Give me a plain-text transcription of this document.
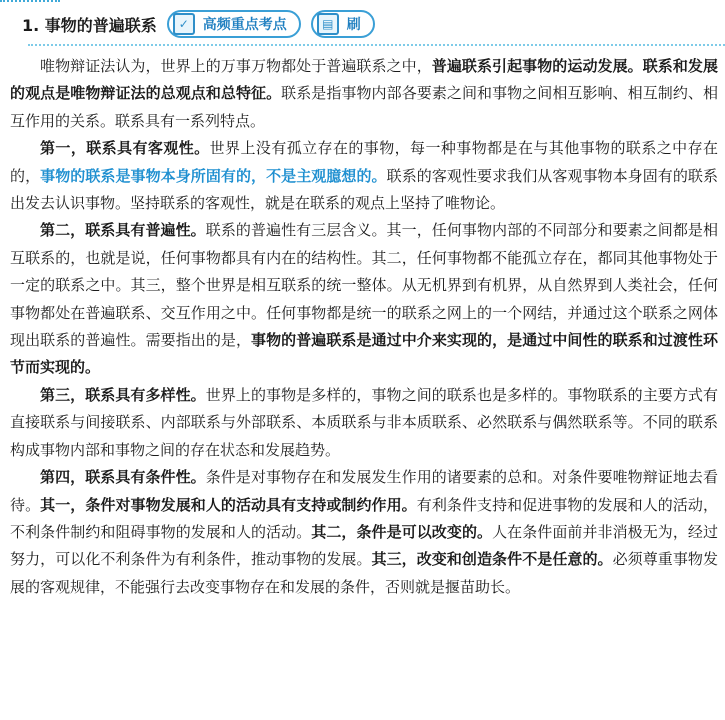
1. 事物的普遍联系	✓ 高频重点考点	▤ 刷

唯物辩证法认为，世界上的万事万物都处于普遍联系之中，普遍联系引起事物的运动发展。联系和发展的观点是唯物辩证法的总观点和总特征。联系是指事物内部各要素之间和事物之间相互影响、相互制约、相互作用的关系。联系具有一系列特点。

第一，联系具有客观性。世界上没有孤立存在的事物，每一种事物都是在与其他事物的联系之中存在的，事物的联系是事物本身所固有的，不是主观臆想的。联系的客观性要求我们从客观事物本身固有的联系出发去认识事物。坚持联系的客观性，就是在联系的观点上坚持了唯物论。

第二，联系具有普遍性。联系的普遍性有三层含义。其一，任何事物内部的不同部分和要素之间都是相互联系的，也就是说，任何事物都具有内在的结构性。其二，任何事物都不能孤立存在，都同其他事物处于一定的联系之中。其三，整个世界是相互联系的统一整体。从无机界到有机界，从自然界到人类社会，任何事物都处在普遍联系、交互作用之中。任何事物都是统一的联系之网上的一个网结，并通过这个联系之网体现出联系的普遍性。需要指出的是，事物的普遍联系是通过中介来实现的，是通过中间性的联系和过渡性环节而实现的。

第三，联系具有多样性。世界上的事物是多样的，事物之间的联系也是多样的。事物联系的主要方式有直接联系与间接联系、内部联系与外部联系、本质联系与非本质联系、必然联系与偶然联系等。不同的联系构成事物内部和事物之间的存在状态和发展趋势。

第四，联系具有条件性。条件是对事物存在和发展发生作用的诸要素的总和。对条件要唯物辩证地去看待。其一，条件对事物发展和人的活动具有支持或制约作用。有利条件支持和促进事物的发展和人的活动，不利条件制约和阻碍事物的发展和人的活动。其二，条件是可以改变的。人在条件面前并非消极无为，经过努力，可以化不利条件为有利条件，推动事物的发展。其三，改变和创造条件不是任意的。必须尊重事物发展的客观规律，不能强行去改变事物存在和发展的条件，否则就是揠苗助长。
